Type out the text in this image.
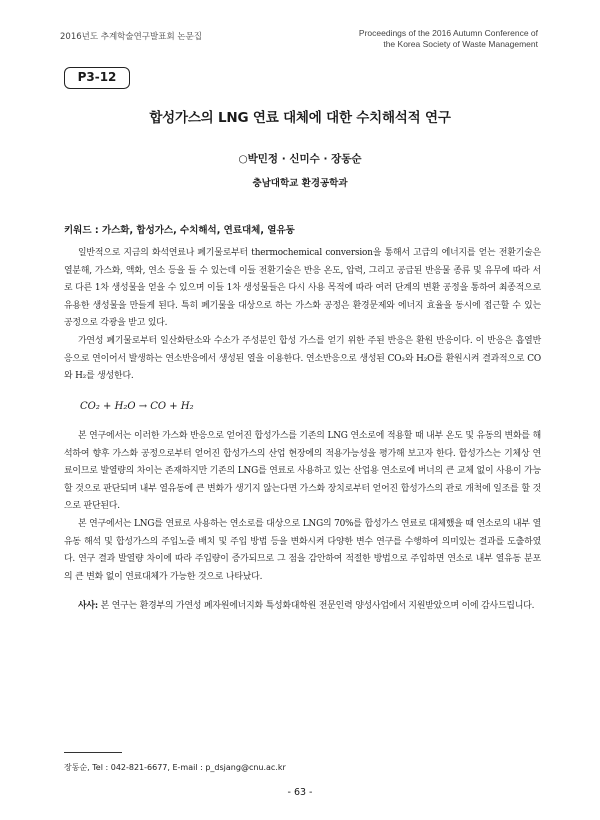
2016년도 추계학술연구발표회 논문집	Proceedings of the 2016 Autumn Conference of
the Korea Society of Waste Management
P3-12
합성가스의 LNG 연료 대체에 대한 수치해석적 연구
○박민정 · 신미수 · 장동순
충남대학교 환경공학과
키워드 : 가스화, 합성가스, 수치해석, 연료대체, 열유동

일반적으로 지금의 화석연료나 폐기물로부터 thermochemical conversion을 통해서 고급의 에너지를 얻는 전환기술은 열분해, 가스화, 액화, 연소 등을 들 수 있는데 이들 전환기술은 반응 온도, 압력, 그리고 공급된 반응물 종류 및 유무에 따라 서로 다른 1차 생성물을 얻을 수 있으며 이들 1차 생성물들은 다시 사용 목적에 따라 여러 단계의 변환 공정을 통하여 최종적으로 유용한 생성물을 만들게 된다. 특히 폐기물을 대상으로 하는 가스화 공정은 환경문제와 에너지 효율을 동시에 접근할 수 있는 공정으로 각광을 받고 있다.

가연성 폐기물로부터 일산화탄소와 수소가 주성분인 합성 가스를 얻기 위한 주된 반응은 환원 반응이다. 이 반응은 흡열반응으로 연이어서 발생하는 연소반응에서 생성된 열을 이용한다. 연소반응으로 생성된 CO₂와 H₂O를 환원시켜 결과적으로 CO와 H₂를 생성한다.

CO₂ + H₂O → CO + H₂

본 연구에서는 이러한 가스화 반응으로 얻어진 합성가스를 기존의 LNG 연소로에 적용할 때 내부 온도 및 유동의 변화를 해석하여 향후 가스화 공정으로부터 얻어진 합성가스의 산업 현장에의 적용가능성을 평가해 보고자 한다. 합성가스는 기체상 연료이므로 발열량의 차이는 존재하지만 기존의 LNG를 연료로 사용하고 있는 산업용 연소로에 버너의 큰 교체 없이 사용이 가능할 것으로 판단되며 내부 열유동에 큰 변화가 생기지 않는다면 가스화 장치로부터 얻어진 합성가스의 관로 개척에 일조를 할 것으로 판단된다.

본 연구에서는 LNG를 연료로 사용하는 연소로를 대상으로 LNG의 70%를 합성가스 연료로 대체했을 때 연소로의 내부 열유동 해석 및 합성가스의 주입노즐 배치 및 주입 방법 등을 변화시켜 다양한 변수 연구를 수행하여 의미있는 결과를 도출하였다. 연구 결과 발열량 차이에 따라 주입량이 증가되므로 그 점을 감안하여 적절한 방법으로 주입하면 연소로 내부 열유동 분포의 큰 변화 없이 연료대체가 가능한 것으로 나타났다.

사사: 본 연구는 환경부의 가연성 폐자원에너지화 특성화대학원 전문인력 양성사업에서 지원받았으며 이에 감사드립니다.

장동순, Tel : 042-821-6677, E-mail : p_dsjang@cnu.ac.kr
- 63 -
